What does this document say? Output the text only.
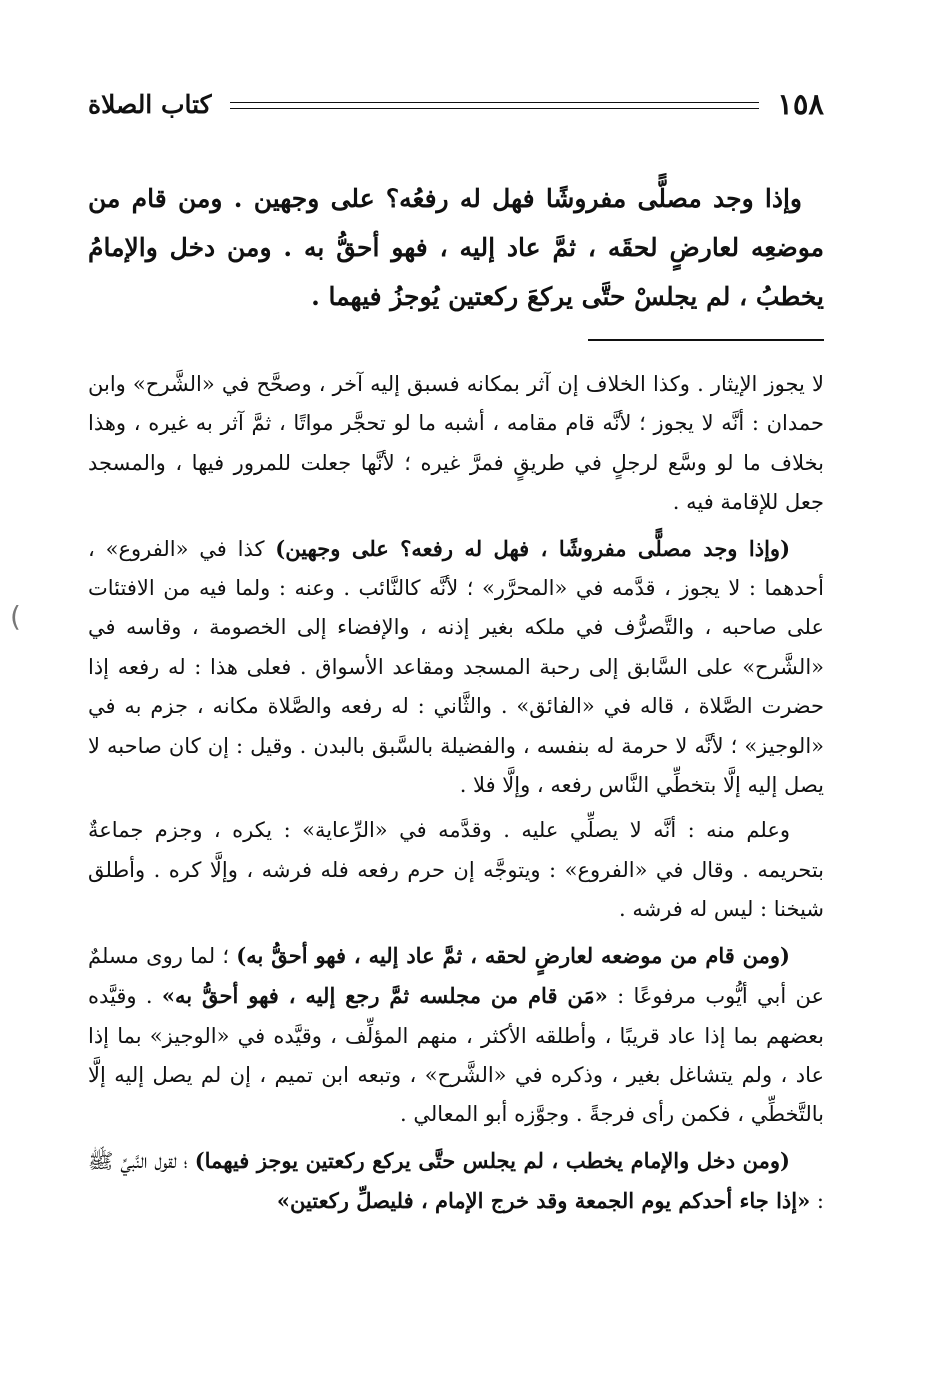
١٥٨
كتاب الصلاة
وإذا وجد مصلًّى مفروشًا فهل له رفعُه؟ على وجهين . ومن قام من موضعِه لعارضٍ لحقَه ، ثمَّ عاد إليه ، فهو أحقُّ به . ومن دخل والإمامُ يخطبُ ، لم يجلسْ حتَّى يركعَ ركعتين يُوجزُ فيهما .

لا يجوز الإيثار . وكذا الخلاف إن آثر بمكانه فسبق إليه آخر ، وصحَّح في «الشَّرح» وابن حمدان : أنَّه لا يجوز ؛ لأنَّه قام مقامه ، أشبه ما لو تحجَّر مواتًا ، ثمَّ آثر به غيره ، وهذا بخلاف ما لو وسَّع لرجلٍ في طريقٍ فمرَّ غيره ؛ لأنَّها جعلت للمرور فيها ، والمسجد جعل للإقامة فيه .

(وإذا وجد مصلًّى مفروشًا ، فهل له رفعه؟ على وجهين) كذا في «الفروع» ، أحدهما : لا يجوز ، قدَّمه في «المحرَّر» ؛ لأنَّه كالنَّائب . وعنه : ولما فيه من الافتئات على صاحبه ، والتَّصرُّف في ملكه بغير إذنه ، والإفضاء إلى الخصومة ، وقاسه في «الشَّرح» على السَّابق إلى رحبة المسجد ومقاعد الأسواق . فعلى هذا : له رفعه إذا حضرت الصَّلاة ، قاله في «الفائق» . والثَّاني : له رفعه والصَّلاة مكانه ، جزم به في «الوجيز» ؛ لأنَّه لا حرمة له بنفسه ، والفضيلة بالسَّبق بالبدن . وقيل : إن كان صاحبه لا يصل إليه إلَّا بتخطِّي النَّاس رفعه ، وإلَّا فلا .

وعلم منه : أنَّه لا يصلِّي عليه . وقدَّمه في «الرِّعاية» : يكره ، وجزم جماعةٌ بتحريمه . وقال في «الفروع» : ويتوجَّه إن حرم رفعه فله فرشه ، وإلَّا كره . وأطلق شيخنا : ليس له فرشه .

(ومن قام من موضعه لعارضٍ لحقه ، ثمَّ عاد إليه ، فهو أحقُّ به) ؛ لما روى مسلمٌ عن أبي أيُّوب مرفوعًا : «مَن قام من مجلسه ثمَّ رجع إليه ، فهو أحقُّ به» . وقيَّده بعضهم بما إذا عاد قريبًا ، وأطلقه الأكثر ، منهم المؤلِّف ، وقيَّده في «الوجيز» بما إذا عاد ، ولم يتشاغل بغير ، وذكره في «الشَّرح» ، وتبعه ابن تميم ، إن لم يصل إليه إلَّا بالتَّخطِّي ، فكمن رأى فرجةً . وجوَّزه أبو المعالي .

(ومن دخل والإمام يخطب ، لم يجلس حتَّى يركع ركعتين يوجز فيهما) ؛ لقول النَّبيِّ ﷺ : «إذا جاء أحدكم يوم الجمعة وقد خرج الإمام ، فليصلِّ ركعتين»

)
